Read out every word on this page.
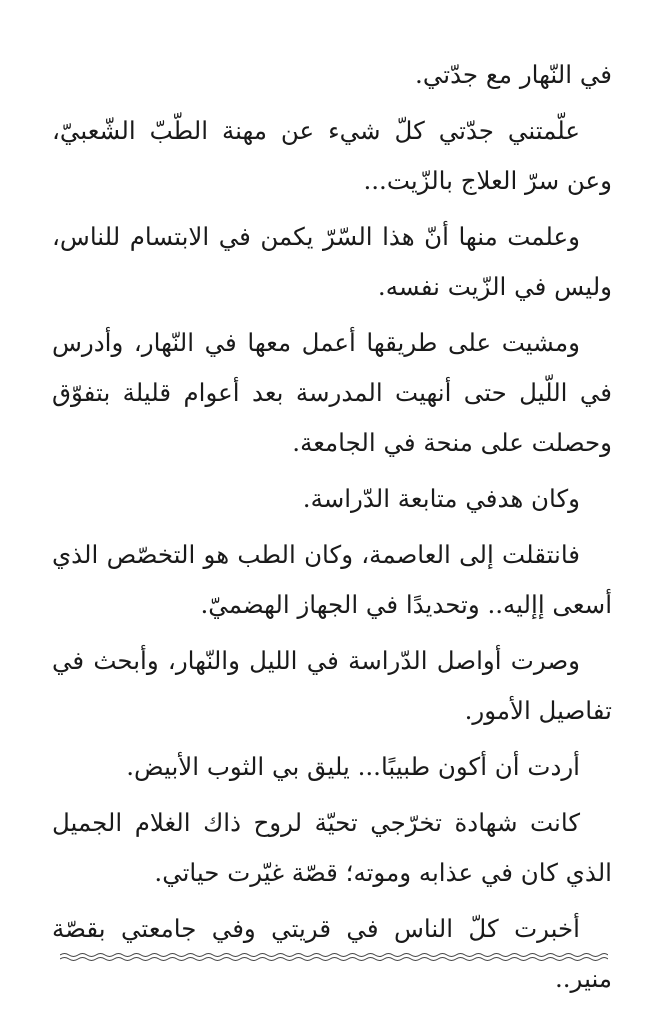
في النّهار مع جدّتي.

علّمتني جدّتي كلّ شيء عن مهنة الطّبّ الشّعبيّ، وعن سرّ العلاج بالزّيت...

وعلمت منها أنّ هذا السّرّ يكمن في الابتسام للناس، وليس في الزّيت نفسه.

ومشيت على طريقها أعمل معها في النّهار، وأدرس في اللّيل حتى أنهيت المدرسة بعد أعوام قليلة بتفوّق وحصلت على منحة في الجامعة.

وكان هدفي متابعة الدّراسة.

فانتقلت إلى العاصمة، وكان الطب هو التخصّص الذي أسعى إإليه.. وتحديدًا في الجهاز الهضميّ.

وصرت أواصل الدّراسة في الليل والنّهار، وأبحث في تفاصيل الأمور.

أردت أن أكون طبيبًا... يليق بي الثوب الأبيض.

كانت شهادة تخرّجي تحيّة لروح ذاك الغلام الجميل الذي كان في عذابه وموته؛ قصّة غيّرت حياتي.

أخبرت كلّ الناس في قريتي وفي جامعتي بقصّة منير..
